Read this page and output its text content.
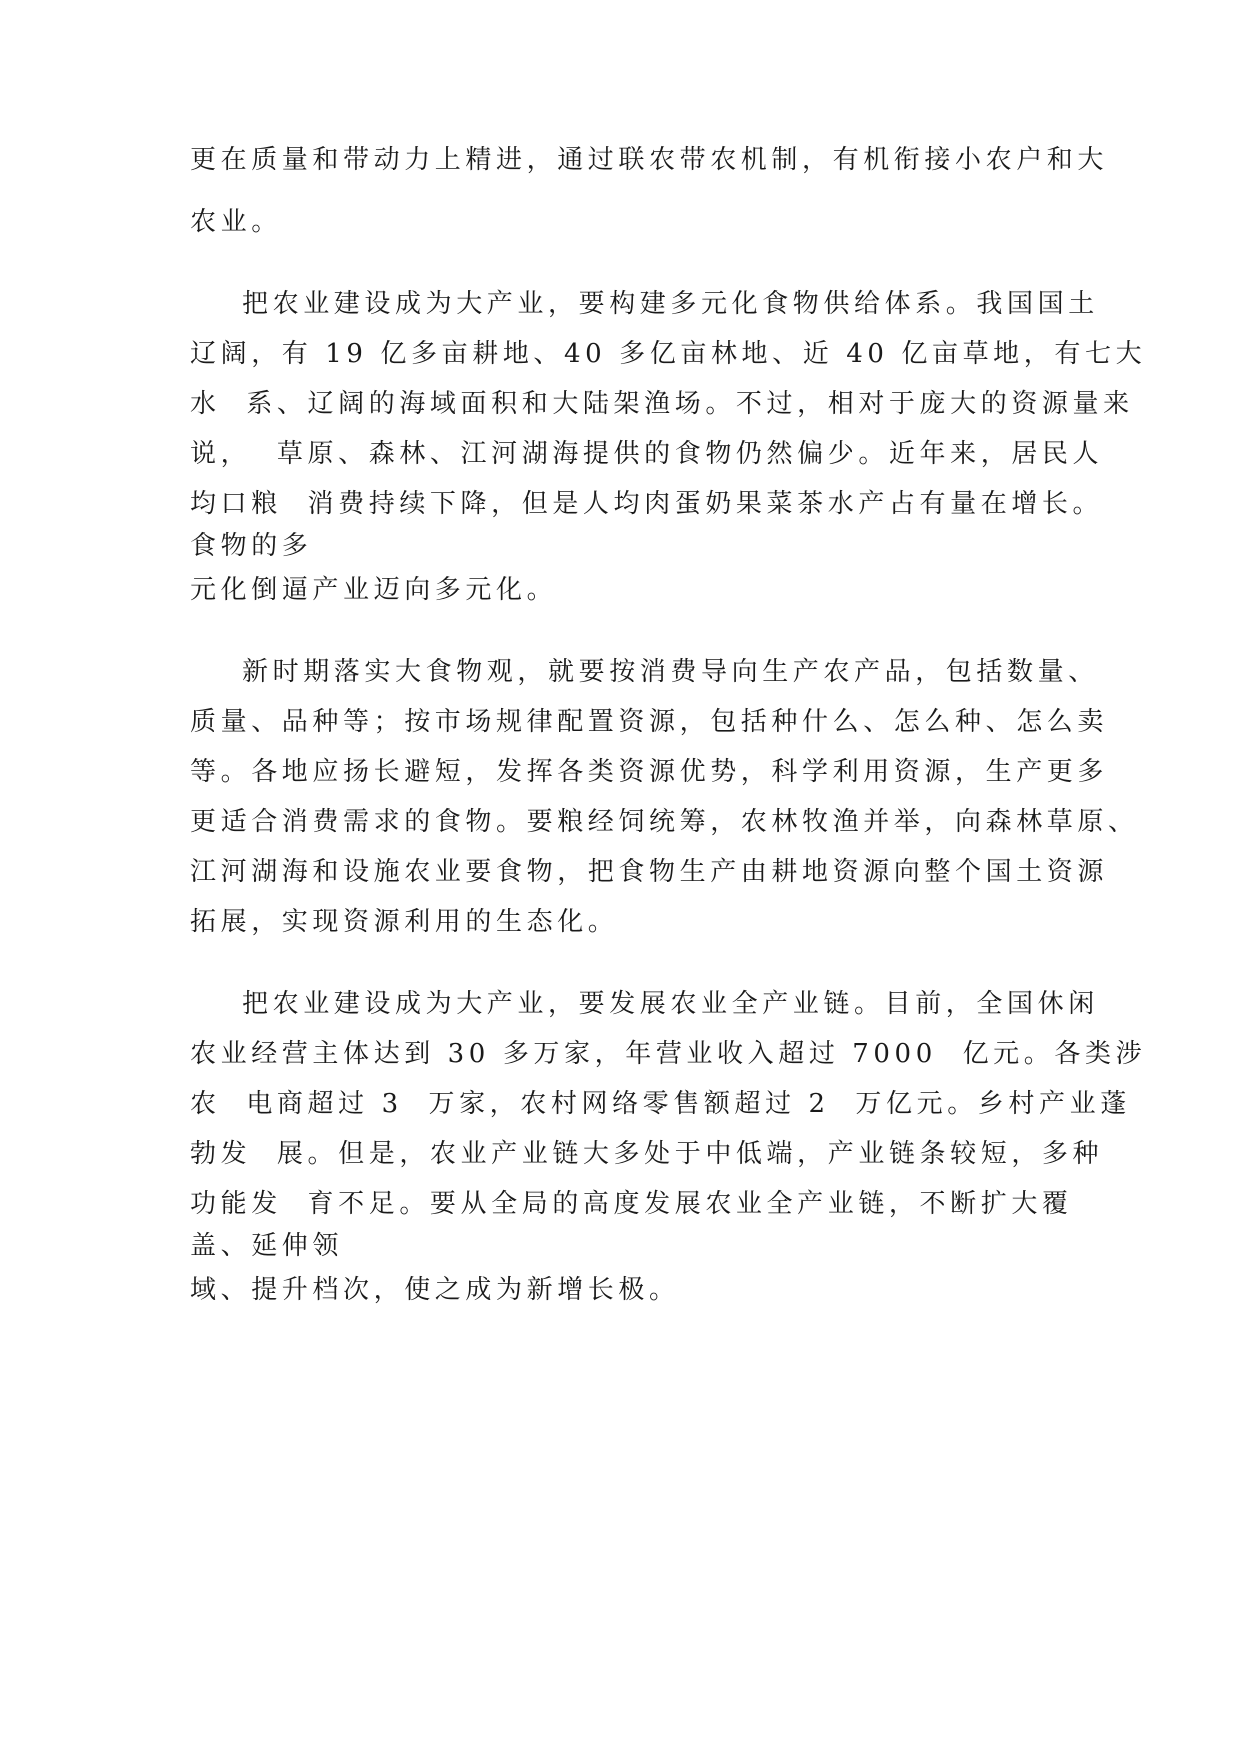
更在质量和带动力上精进，通过联农带农机制，有机衔接小农户和大
农业。
把农业建设成为大产业，要构建多元化食物供给体系。我国国土
辽阔，有 19 亿多亩耕地、40 多亿亩林地、近 40 亿亩草地，有七大
水  系、辽阔的海域面积和大陆架渔场。不过，相对于庞大的资源量来
说，  草原、森林、江河湖海提供的食物仍然偏少。近年来，居民人
均口粮  消费持续下降，但是人均肉蛋奶果菜茶水产占有量在增长。
食物的多
元化倒逼产业迈向多元化。
新时期落实大食物观，就要按消费导向生产农产品，包括数量、
质量、品种等；按市场规律配置资源，包括种什么、怎么种、怎么卖
等。各地应扬长避短，发挥各类资源优势，科学利用资源，生产更多
更适合消费需求的食物。要粮经饲统筹，农林牧渔并举，向森林草原、
江河湖海和设施农业要食物，把食物生产由耕地资源向整个国土资源
拓展，实现资源利用的生态化。
把农业建设成为大产业，要发展农业全产业链。目前，全国休闲
农业经营主体达到 30 多万家，年营业收入超过 7000  亿元。各类涉
农  电商超过 3  万家，农村网络零售额超过 2  万亿元。乡村产业蓬
勃发  展。但是，农业产业链大多处于中低端，产业链条较短，多种
功能发  育不足。要从全局的高度发展农业全产业链，不断扩大覆
盖、延伸领
域、提升档次，使之成为新增长极。
